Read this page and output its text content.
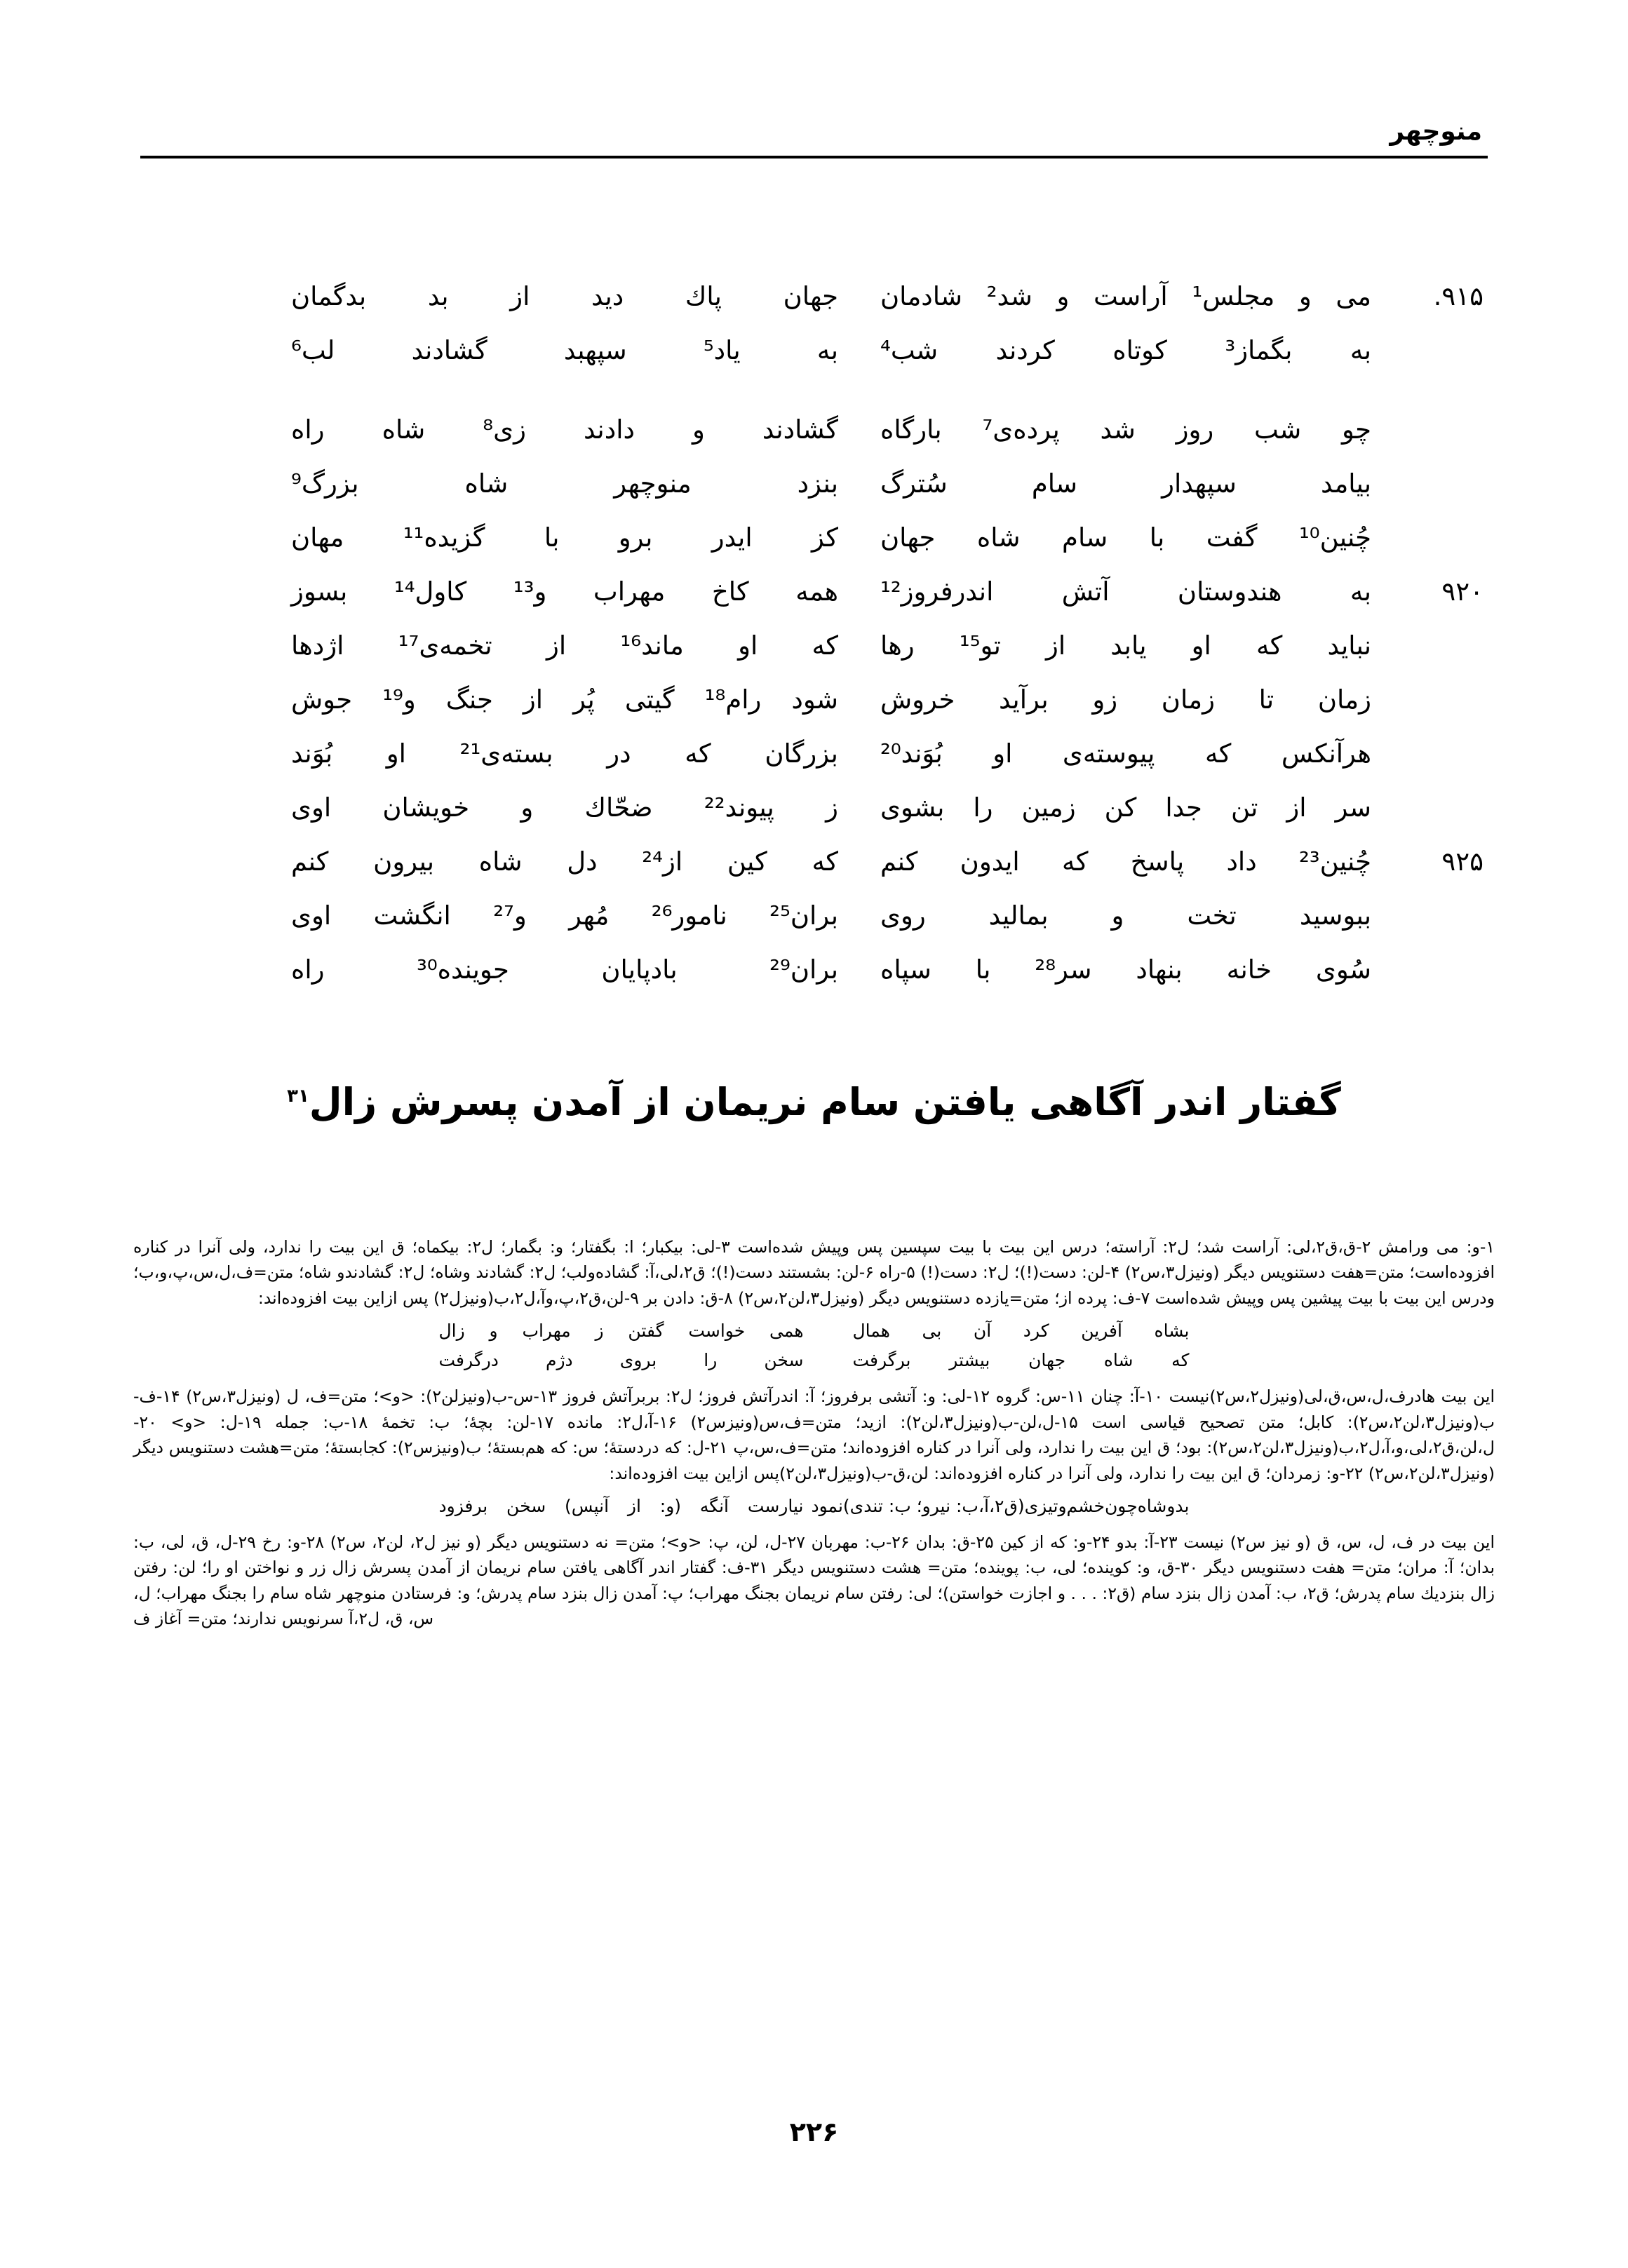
منوچهر
۹۱۵.
می و مجلس¹ آراست و شد² شادمان
جهان پاك ديد از بد بدگمان
به بگماز³ كوتاه كردند شب⁴
به ياد⁵ سپهبد گشادند لب⁶
چو شب روز شد پرده‌ی⁷ بارگاه
گشادند و دادند زی⁸ شاه راه
بيامد سپهدار سام سُترگ
بنزد منوچهر شاه بزرگ⁹
چُنين¹⁰ گفت با سام شاه جهان
كز ايدر برو با گزيده¹¹ مهان
۹۲۰
به هندوستان آتش اندرفروز¹²
همه كاخ مهراب و¹³ كاول¹⁴ بسوز
نبايد كه او يابد از تو¹⁵ رها
كه او ماند¹⁶ از تخمه‌ی¹⁷ اژدها
زمان تا زمان زو برآيد خروش
شود رام¹⁸ گيتی پُر از جنگ و¹⁹ جوش
هرآنكس كه پيوسته‌ی او بُوَند²⁰
بزرگان كه در بسته‌ی²¹ او بُوَند
سر از تن جدا كن زمين را بشوی
ز پيوند²² ضحّاك و خويشان اوی
۹۲۵
چُنين²³ داد پاسخ كه ايدون كنم
كه كين از²⁴ دل شاه بيرون كنم
ببوسيد تخت و بماليد روی
بران²⁵ نامور²⁶ مُهر و²⁷ انگشت اوی
سُوی خانه بنهاد سر²⁸ با سپاه
بران²⁹ بادپايان جوينده³⁰ راه
گفتار اندر آگاهی یافتن سام نریمان از آمدن پسرش زال$^{۳۱}$

۱-و: می ورامش ۲-ق،ق۲،لی: آراست شد؛ ل۲: آراسته؛ درس این بیت با بیت سپسین پس وپیش شده‌است ۳-لی: بیكبار؛ ا: بگفتار؛ و: بگمار؛ ل۲: بیكماه؛ ق این بیت را ندارد، ولی آنرا در كناره افزوده‌است؛ متن=هفت دستنویس دیگر (ونیزل۳،س۲) ۴-لن: دست(!)؛ ل۲: دست(!) ۵-راه ۶-لن: بشستند دست(!)؛ ق۲،لی،آ: گشاده‌ولب؛ ل۲: گشادند وشاه؛ ل۲: گشادندو شاه؛ متن=ف،ل،س،پ،و،ب؛ ودرس این بیت با بیت پیشین پس وپیش شده‌است ۷-ف: پرده از؛ متن=یازده دستنویس دیگر (ونیزل۳،لن۲،س۲) ۸-ق: دادن بر ۹-لن،ق۲،پ،وآ،ل۲،ب(ونیزل۲) پس ازاین بیت افزوده‌اند:

بشاه آفرين كرد آن بی همال
همی خواست گفتن ز مهراب و زال
كه شاه جهان بيشتر برگرفت
سخن را بروی دژم درگرفت

این بیت هادرف،ل،س،ق،لی(ونیزل۲،س۲)نیست ۱۰-آ: چنان ۱۱-س: گروه ۱۲-لی: و: آتشی برفروز؛ آ: اندرآتش فروز؛ ل۲: بربرآتش فروز ۱۳-س-ب(ونیزلن۲): <و>؛ متن=ف، ل (ونیزل۳،س۲) ۱۴-ف-ب(ونیزل۳،لن۲،س۲): كابل؛ متن تصحیح قیاسی است ۱۵-ل،لن-ب(ونیزل۳،لن۲): ازید؛ متن=ف،س(ونیزس۲) ۱۶-آ،ل۲: مانده ۱۷-لن: بچهٔ؛ ب: تخمهٔ ۱۸-ب: جمله ۱۹-ل: <و> ۲۰-ل،لن،ق۲،لی،و،آ،ل۲،ب(ونیزل۳،لن۲،س۲): بود؛ ق این بیت را ندارد، ولی آنرا در كناره افزوده‌اند؛ متن=ف،س،پ ۲۱-ل: كه دردستهٔ؛ س: كه هم‌بستهٔ؛ ب(ونیزس۲): كجابستهٔ؛ متن=هشت دستنویس دیگر (ونیزل۳،لن۲،س۲) ۲۲-و: زمردان؛ ق این بیت را ندارد، ولی آنرا در كناره افزوده‌اند: لن،ق-ب(ونیزل۳،لن۲)پس ازاین بیت افزوده‌اند:

بدوشاه‌چون‌خشم‌وتیزی(ق۲،آ،ب: نیرو؛ ب: تندی)نمود
نیارست آنگه (و: از آنپس) سخن برفزود

این بیت در ف، ل، س، ق (و نیز س۲) نیست ۲۳-آ: بدو ۲۴-و: كه از كین ۲۵-ق: بدان ۲۶-ب: مهربان ۲۷-ل، لن، پ: <و>؛ متن= نه دستنویس دیگر (و نیز ل۲، لن۲، س۲) ۲۸-و: رخ ۲۹-ل، ق، لی، ب: بدان؛ آ: مران؛ متن= هفت دستنویس دیگر ۳۰-ق، و: كوینده؛ لی، ب: پوینده؛ متن= هشت دستنویس دیگر ۳۱-ف: گفتار اندر آگاهی یافتن سام نریمان از آمدن پسرش زال زر و نواختن او را؛ لن: رفتن زال بنزدیك سام پدرش؛ ق۲، ب: آمدن زال بنزد سام (ق۲: . . . و اجازت خواستن)؛ لی: رفتن سام نریمان بجنگ مهراب؛ پ: آمدن زال بنزد سام پدرش؛ و: فرستادن منوچهر شاه سام را بجنگ مهراب؛ ل، س، ق، ل۲،آ سرنویس ندارند؛ متن= آغاز ف

۲۲۶
